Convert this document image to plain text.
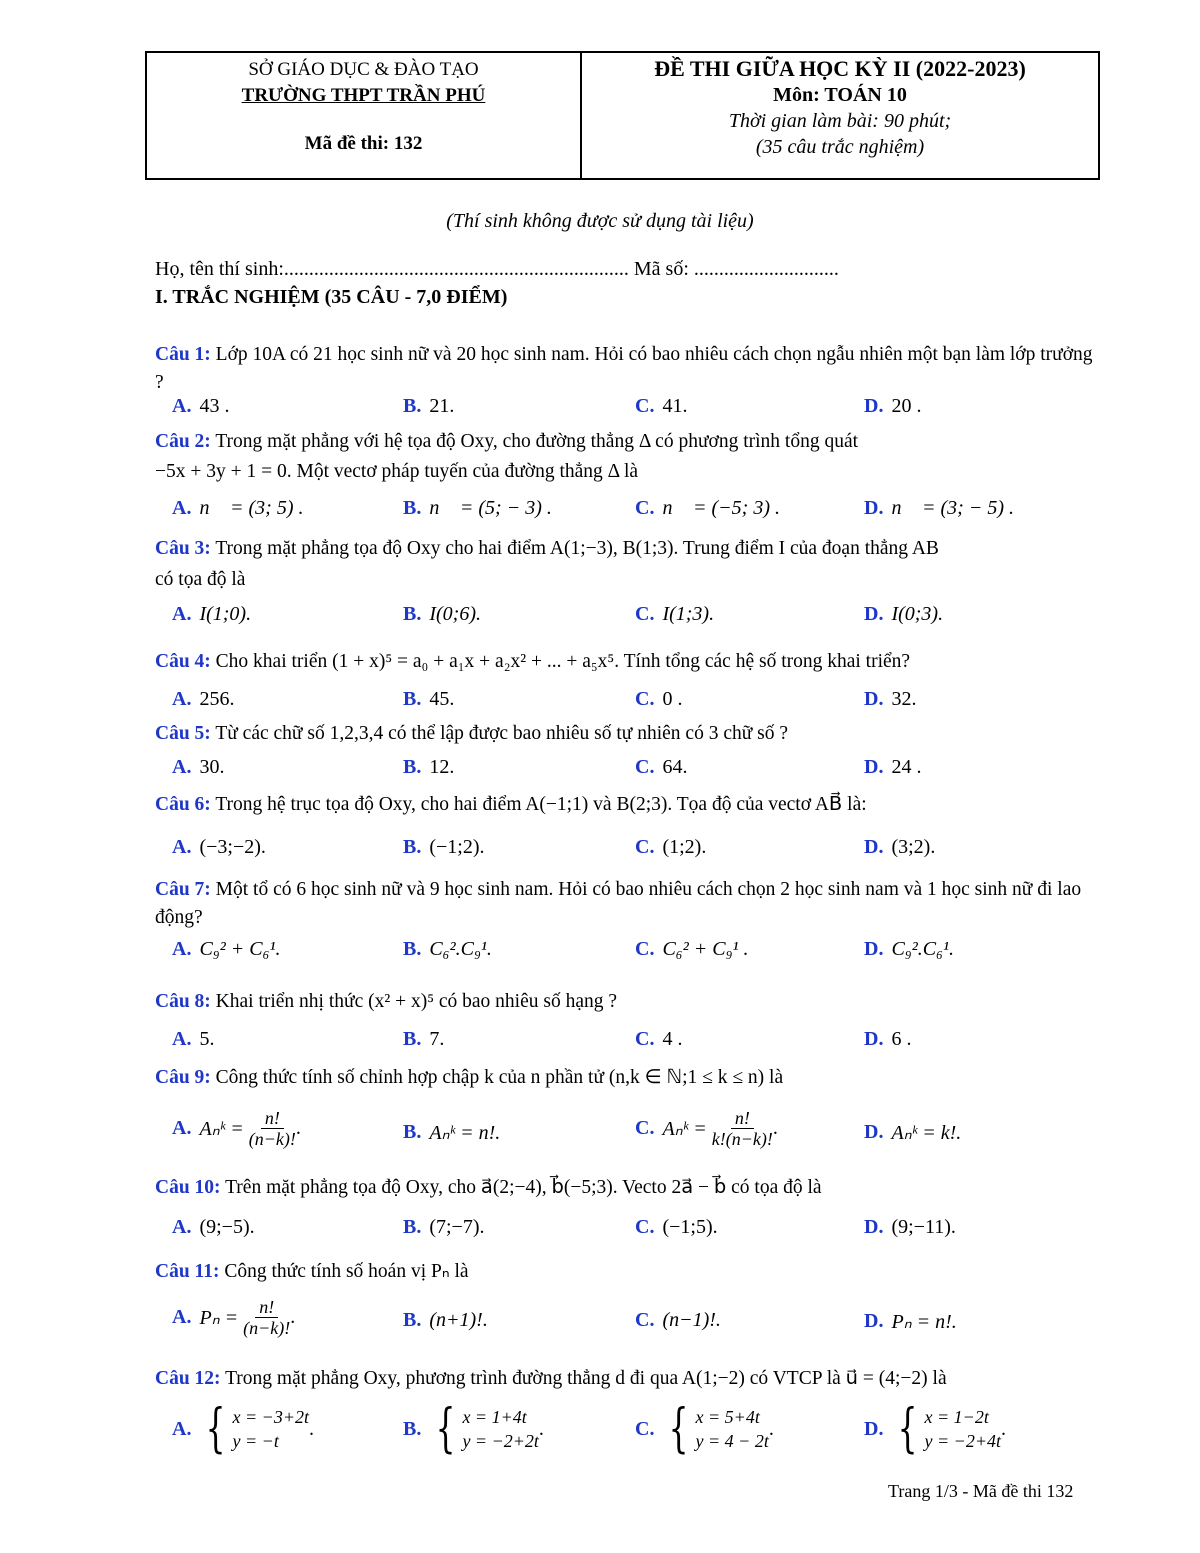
SỞ GIÁO DỤC & ĐÀO TẠO
TRƯỜNG THPT TRẦN PHÚ
Mã đề thi: 132
ĐỀ THI GIỮA HỌC KỲ II (2022-2023)
Môn: TOÁN 10
Thời gian làm bài: 90 phút;
(35 câu trắc nghiệm)
(Thí sinh không được sử dụng tài liệu)
Họ, tên thí sinh:..................................................................... Mã số: .............................
I. TRẮC NGHIỆM (35 CÂU - 7,0 ĐIỂM)
Câu 1: Lớp 10A có 21 học sinh nữ và 20 học sinh nam. Hỏi có bao nhiêu cách chọn ngẫu nhiên một bạn làm lớp trưởng ?
A. 43 .	B. 21.	C. 41.	D. 20 .
Câu 2: Trong mặt phẳng với hệ tọa độ Oxy, cho đường thẳng Δ có phương trình tổng quát
−5x + 3y + 1 = 0. Một vectơ pháp tuyến của đường thẳng Δ là
A. n⃗ = (3; 5) .	B. n⃗ = (5; − 3) .	C. n⃗ = (−5; 3) .	D. n⃗ = (3; − 5) .
Câu 3: Trong mặt phẳng tọa độ Oxy cho hai điểm A(1;−3), B(1;3). Trung điểm I của đoạn thẳng AB
có tọa độ là
A. I(1;0).	B. I(0;6).	C. I(1;3).	D. I(0;3).
Câu 4: Cho khai triển (1 + x)⁵ = a₀ + a₁x + a₂x² + ... + a₅x⁵. Tính tổng các hệ số trong khai triển?
A. 256.	B. 45.	C. 0 .	D. 32.
Câu 5: Từ các chữ số 1,2,3,4 có thể lập được bao nhiêu số tự nhiên có 3 chữ số ?
A. 30.	B. 12.	C. 64.	D. 24 .
Câu 6: Trong hệ trục tọa độ Oxy, cho hai điểm A(−1;1) và B(2;3). Tọa độ của vectơ AB⃗ là:
A. (−3;−2).	B. (−1;2).	C. (1;2).	D. (3;2).
Câu 7: Một tổ có 6 học sinh nữ và 9 học sinh nam. Hỏi có bao nhiêu cách chọn 2 học sinh nam và 1 học sinh nữ đi lao động?
A. C₉² + C₆¹.	B. C₆².C₉¹.	C. C₆² + C₉¹ .	D. C₉².C₆¹.
Câu 8: Khai triển nhị thức (x² + x)⁵ có bao nhiêu số hạng ?
A. 5.	B. 7.	C. 4 .	D. 6 .
Câu 9: Công thức tính số chỉnh hợp chập k của n phần tử (n,k ∈ ℕ;1 ≤ k ≤ n) là
A. Aₙᵏ =
$\frac{n!}{(n-k)!}$ .	B. Aₙᵏ = n!.	C. Aₙᵏ =
$\frac{n!}{k!(n-k)!}$ .	D. Aₙᵏ = k!.
Câu 10: Trên mặt phẳng tọa độ Oxy, cho a⃗(2;−4), b⃗(−5;3). Vecto 2a⃗ − b⃗ có tọa độ là
A. (9;−5).	B. (7;−7).	C. (−1;5).	D. (9;−11).
Câu 11: Công thức tính số hoán vị Pₙ là
A. Pₙ =
$\frac{n!}{(n-k)!}$ .	B. (n+1)!.	C. (n−1)!.	D. Pₙ = n!.
Câu 12: Trong mặt phẳng Oxy, phương trình đường thẳng d đi qua A(1;−2) có VTCP là u⃗ = (4;−2) là
A. { x = −3+2t
y = −t
.	B. { x = 1+4t
y = −2+2t
.	C. { x = 5+4t
y = 4 − 2t
.	D. { x = 1−2t
y = −2+4t
.
Trang 1/3 - Mã đề thi 132
